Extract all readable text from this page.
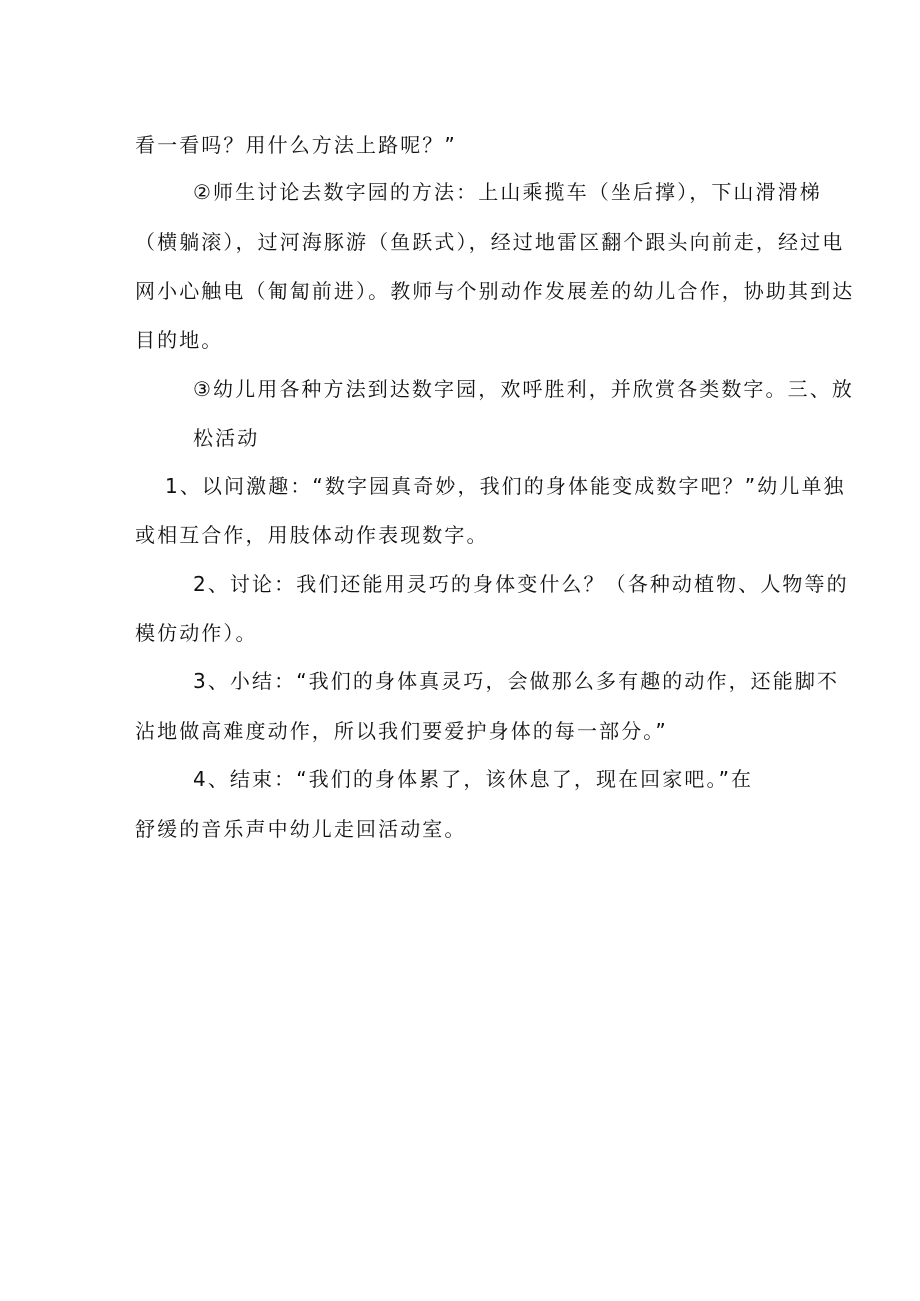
看一看吗？用什么方法上路呢？”
②师生讨论去数字园的方法：上山乘揽车（坐后撑），下山滑滑梯
（横躺滚），过河海豚游（鱼跃式），经过地雷区翻个跟头向前走，经过电
网小心触电（匍匐前进）。教师与个别动作发展差的幼儿合作，协助其到达
目的地。
③幼儿用各种方法到达数字园，欢呼胜利，并欣赏各类数字。三、放
松活动
1、以问激趣：“数字园真奇妙，我们的身体能变成数字吧？”幼儿单独
或相互合作，用肢体动作表现数字。
2、讨论：我们还能用灵巧的身体变什么？（各种动植物、人物等的
模仿动作）。
3、小结：“我们的身体真灵巧，会做那么多有趣的动作，还能脚不
沾地做高难度动作，所以我们要爱护身体的每一部分。”
4、结束：“我们的身体累了，该休息了，现在回家吧。”在
舒缓的音乐声中幼儿走回活动室。
